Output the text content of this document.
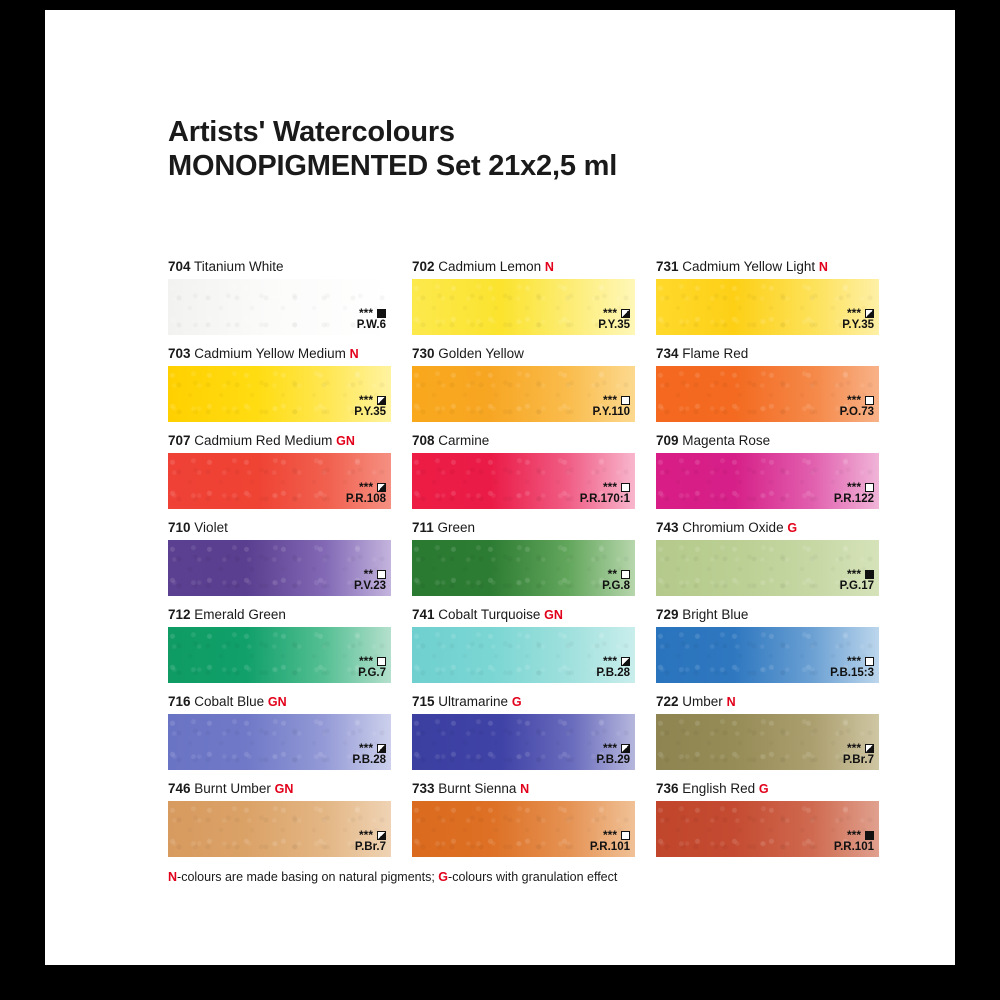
Artists' Watercolours
MONOPIGMENTED Set 21x2,5 ml
704 Titanium White
***
P.W.6
702 Cadmium Lemon N
***
P.Y.35
731 Cadmium Yellow Light N
***
P.Y.35
703 Cadmium Yellow Medium N
***
P.Y.35
730 Golden Yellow
***
P.Y.110
734 Flame Red
***
P.O.73
707 Cadmium Red Medium GN
***
P.R.108
708 Carmine
***
P.R.170:1
709 Magenta Rose
***
P.R.122
710 Violet
**
P.V.23
711 Green
**
P.G.8
743 Chromium Oxide G
***
P.G.17
712 Emerald Green
***
P.G.7
741 Cobalt Turquoise GN
***
P.B.28
729 Bright Blue
***
P.B.15:3
716 Cobalt Blue GN
***
P.B.28
715 Ultramarine G
***
P.B.29
722 Umber N
***
P.Br.7
746 Burnt Umber GN
***
P.Br.7
733 Burnt Sienna N
***
P.R.101
736 English Red G
***
P.R.101
N-colours are made basing on natural pigments; G-colours with granulation effect
